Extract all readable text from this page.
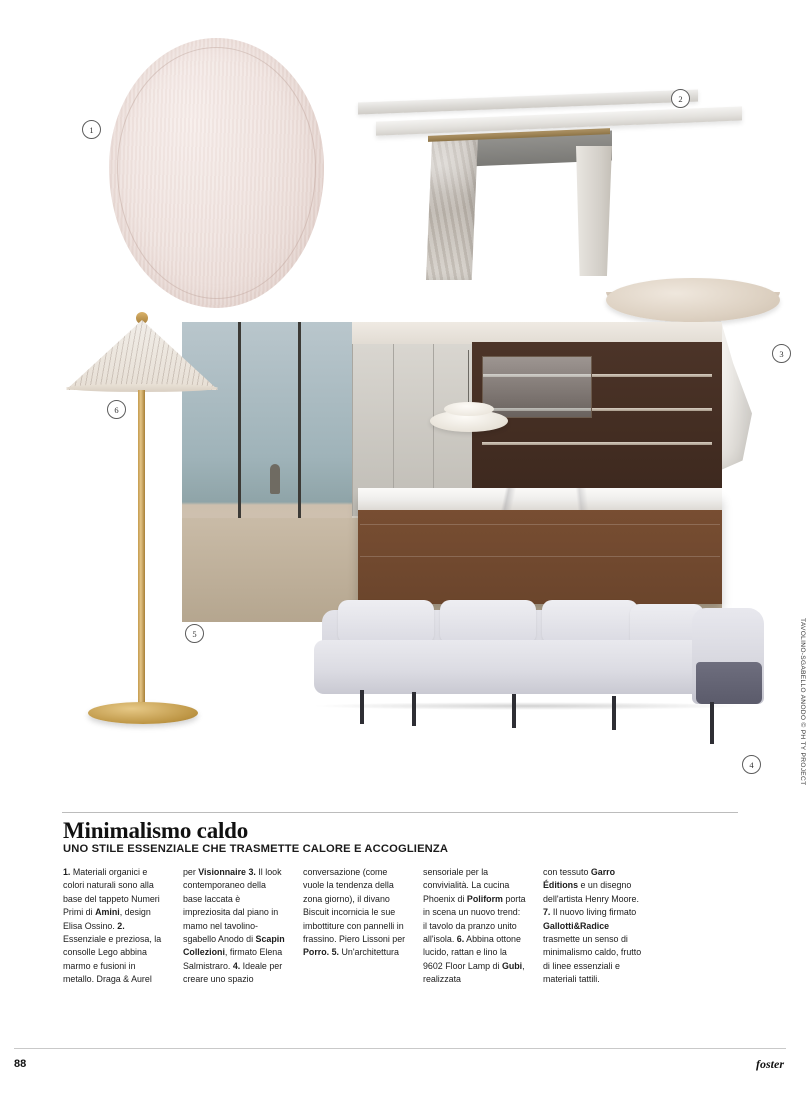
1
2
3
4
5
6
Minimalismo caldo
UNO STILE ESSENZIALE CHE TRASMETTE CALORE E ACCOGLIENZA

1. Materiali organici e colori naturali sono alla base del tappeto Numeri Primi di Amini, design Elisa Ossino. 2. Essenziale e preziosa, la consolle Lego abbina marmo e fusioni in metallo. Draga & Aurel

per Visionnaire 3. Il look contemporaneo della base laccata è impreziosita dal piano in mamo nel tavolino-sgabello Anodo di Scapin Collezioni, firmato Elena Salmistraro. 4. Ideale per creare uno spazio

conversazione (come vuole la tendenza della zona giorno), il divano Biscuit incornicia le sue imbottiture con pannelli in frassino. Piero Lissoni per Porro. 5. Un'architettura

sensoriale per la convivialità. La cucina Phoenix di Poliform porta in scena un nuovo trend: il tavolo da pranzo unito all'isola. 6. Abbina ottone lucido, rattan e lino la 9602 Floor Lamp di Gubi, realizzata

con tessuto Garro Éditions e un disegno dell'artista Henry Moore. 7. Il nuovo living firmato Gallotti&Radice trasmette un senso di minimalismo caldo, frutto di linee essenziali e materiali tattili.

TAVOLINO-SGABELLO ANODO © PH TY PROJECT
88	foster
